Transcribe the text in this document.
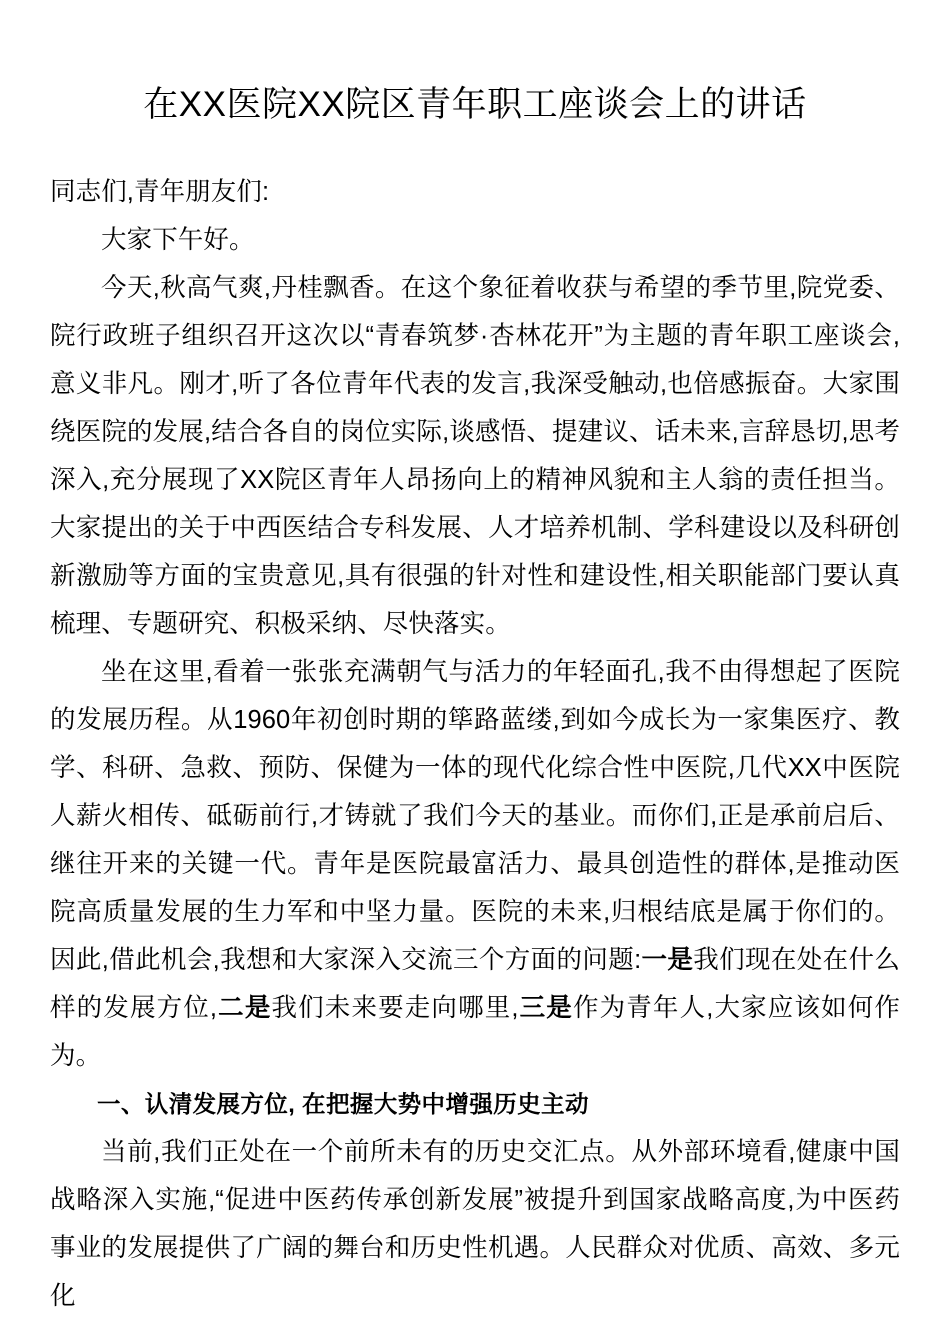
在XX医院XX院区青年职工座谈会上的讲话

同志们,青年朋友们:

大家下午好。

今天,秋高气爽,丹桂飘香。在这个象征着收获与希望的季节里,院党委、院行政班子组织召开这次以“青春筑梦·杏林花开”为主题的青年职工座谈会,意义非凡。刚才,听了各位青年代表的发言,我深受触动,也倍感振奋。大家围绕医院的发展,结合各自的岗位实际,谈感悟、提建议、话未来,言辞恳切,思考深入,充分展现了XX院区青年人昂扬向上的精神风貌和主人翁的责任担当。大家提出的关于中西医结合专科发展、人才培养机制、学科建设以及科研创新激励等方面的宝贵意见,具有很强的针对性和建设性,相关职能部门要认真梳理、专题研究、积极采纳、尽快落实。

坐在这里,看着一张张充满朝气与活力的年轻面孔,我不由得想起了医院的发展历程。从1960年初创时期的筚路蓝缕,到如今成长为一家集医疗、教学、科研、急救、预防、保健为一体的现代化综合性中医院,几代XX中医院人薪火相传、砥砺前行,才铸就了我们今天的基业。而你们,正是承前启后、继往开来的关键一代。青年是医院最富活力、最具创造性的群体,是推动医院高质量发展的生力军和中坚力量。医院的未来,归根结底是属于你们的。因此,借此机会,我想和大家深入交流三个方面的问题:一是我们现在处在什么样的发展方位,二是我们未来要走向哪里,三是作为青年人,大家应该如何作为。

一、认清发展方位, 在把握大势中增强历史主动

当前,我们正处在一个前所未有的历史交汇点。从外部环境看,健康中国战略深入实施,“促进中医药传承创新发展”被提升到国家战略高度,为中医药事业的发展提供了广阔的舞台和历史性机遇。人民群众对优质、高效、多元化
